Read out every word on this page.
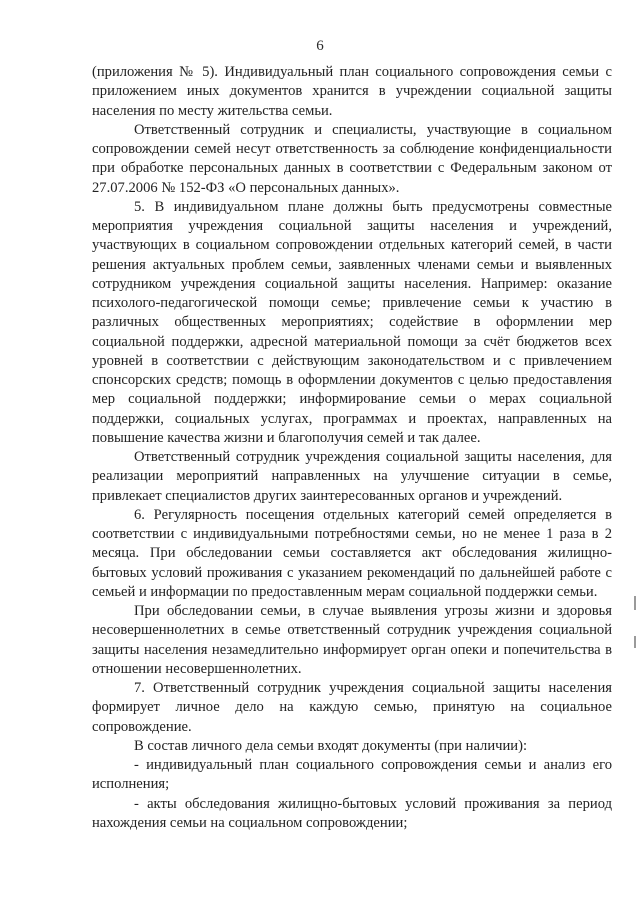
6

(приложения № 5). Индивидуальный план социального сопровождения семьи с приложением иных документов хранится в учреждении социальной защиты населения по месту жительства семьи.

Ответственный сотрудник и специалисты, участвующие в социальном сопровождении семей несут ответственность за соблюдение конфиденциальности при обработке персональных данных в соответствии с Федеральным законом от 27.07.2006 № 152-ФЗ «О персональных данных».

5. В индивидуальном плане должны быть предусмотрены совместные мероприятия учреждения социальной защиты населения и учреждений, участвующих в социальном сопровождении отдельных категорий семей, в части решения актуальных проблем семьи, заявленных членами семьи и выявленных сотрудником учреждения социальной защиты населения. Например: оказание психолого-педагогической помощи семье; привлечение семьи к участию в различных общественных мероприятиях; содействие в оформлении мер социальной поддержки, адресной материальной помощи за счёт бюджетов всех уровней в соответствии с действующим законодательством и с привлечением спонсорских средств; помощь в оформлении документов с целью предоставления мер социальной поддержки; информирование семьи о мерах социальной поддержки, социальных услугах, программах и проектах, направленных на повышение качества жизни и благополучия семей и так далее.

Ответственный сотрудник учреждения социальной защиты населения, для реализации мероприятий направленных на улучшение ситуации в семье, привлекает специалистов других заинтересованных органов и учреждений.

6. Регулярность посещения отдельных категорий семей определяется в соответствии с индивидуальными потребностями семьи, но не менее 1 раза в 2 месяца. При обследовании семьи составляется акт обследования жилищно-бытовых условий проживания с указанием рекомендаций по дальнейшей работе с семьей и информации по предоставленным мерам социальной поддержки семьи.

При обследовании семьи, в случае выявления угрозы жизни и здоровья несовершеннолетних в семье ответственный сотрудник учреждения социальной защиты населения незамедлительно информирует орган опеки и попечительства в отношении несовершеннолетних.

7. Ответственный сотрудник учреждения социальной защиты населения формирует личное дело на каждую семью, принятую на социальное сопровождение.

В состав личного дела семьи входят документы (при наличии):

- индивидуальный план социального сопровождения семьи и анализ его исполнения;

- акты обследования жилищно-бытовых условий проживания за период нахождения семьи на социальном сопровождении;
